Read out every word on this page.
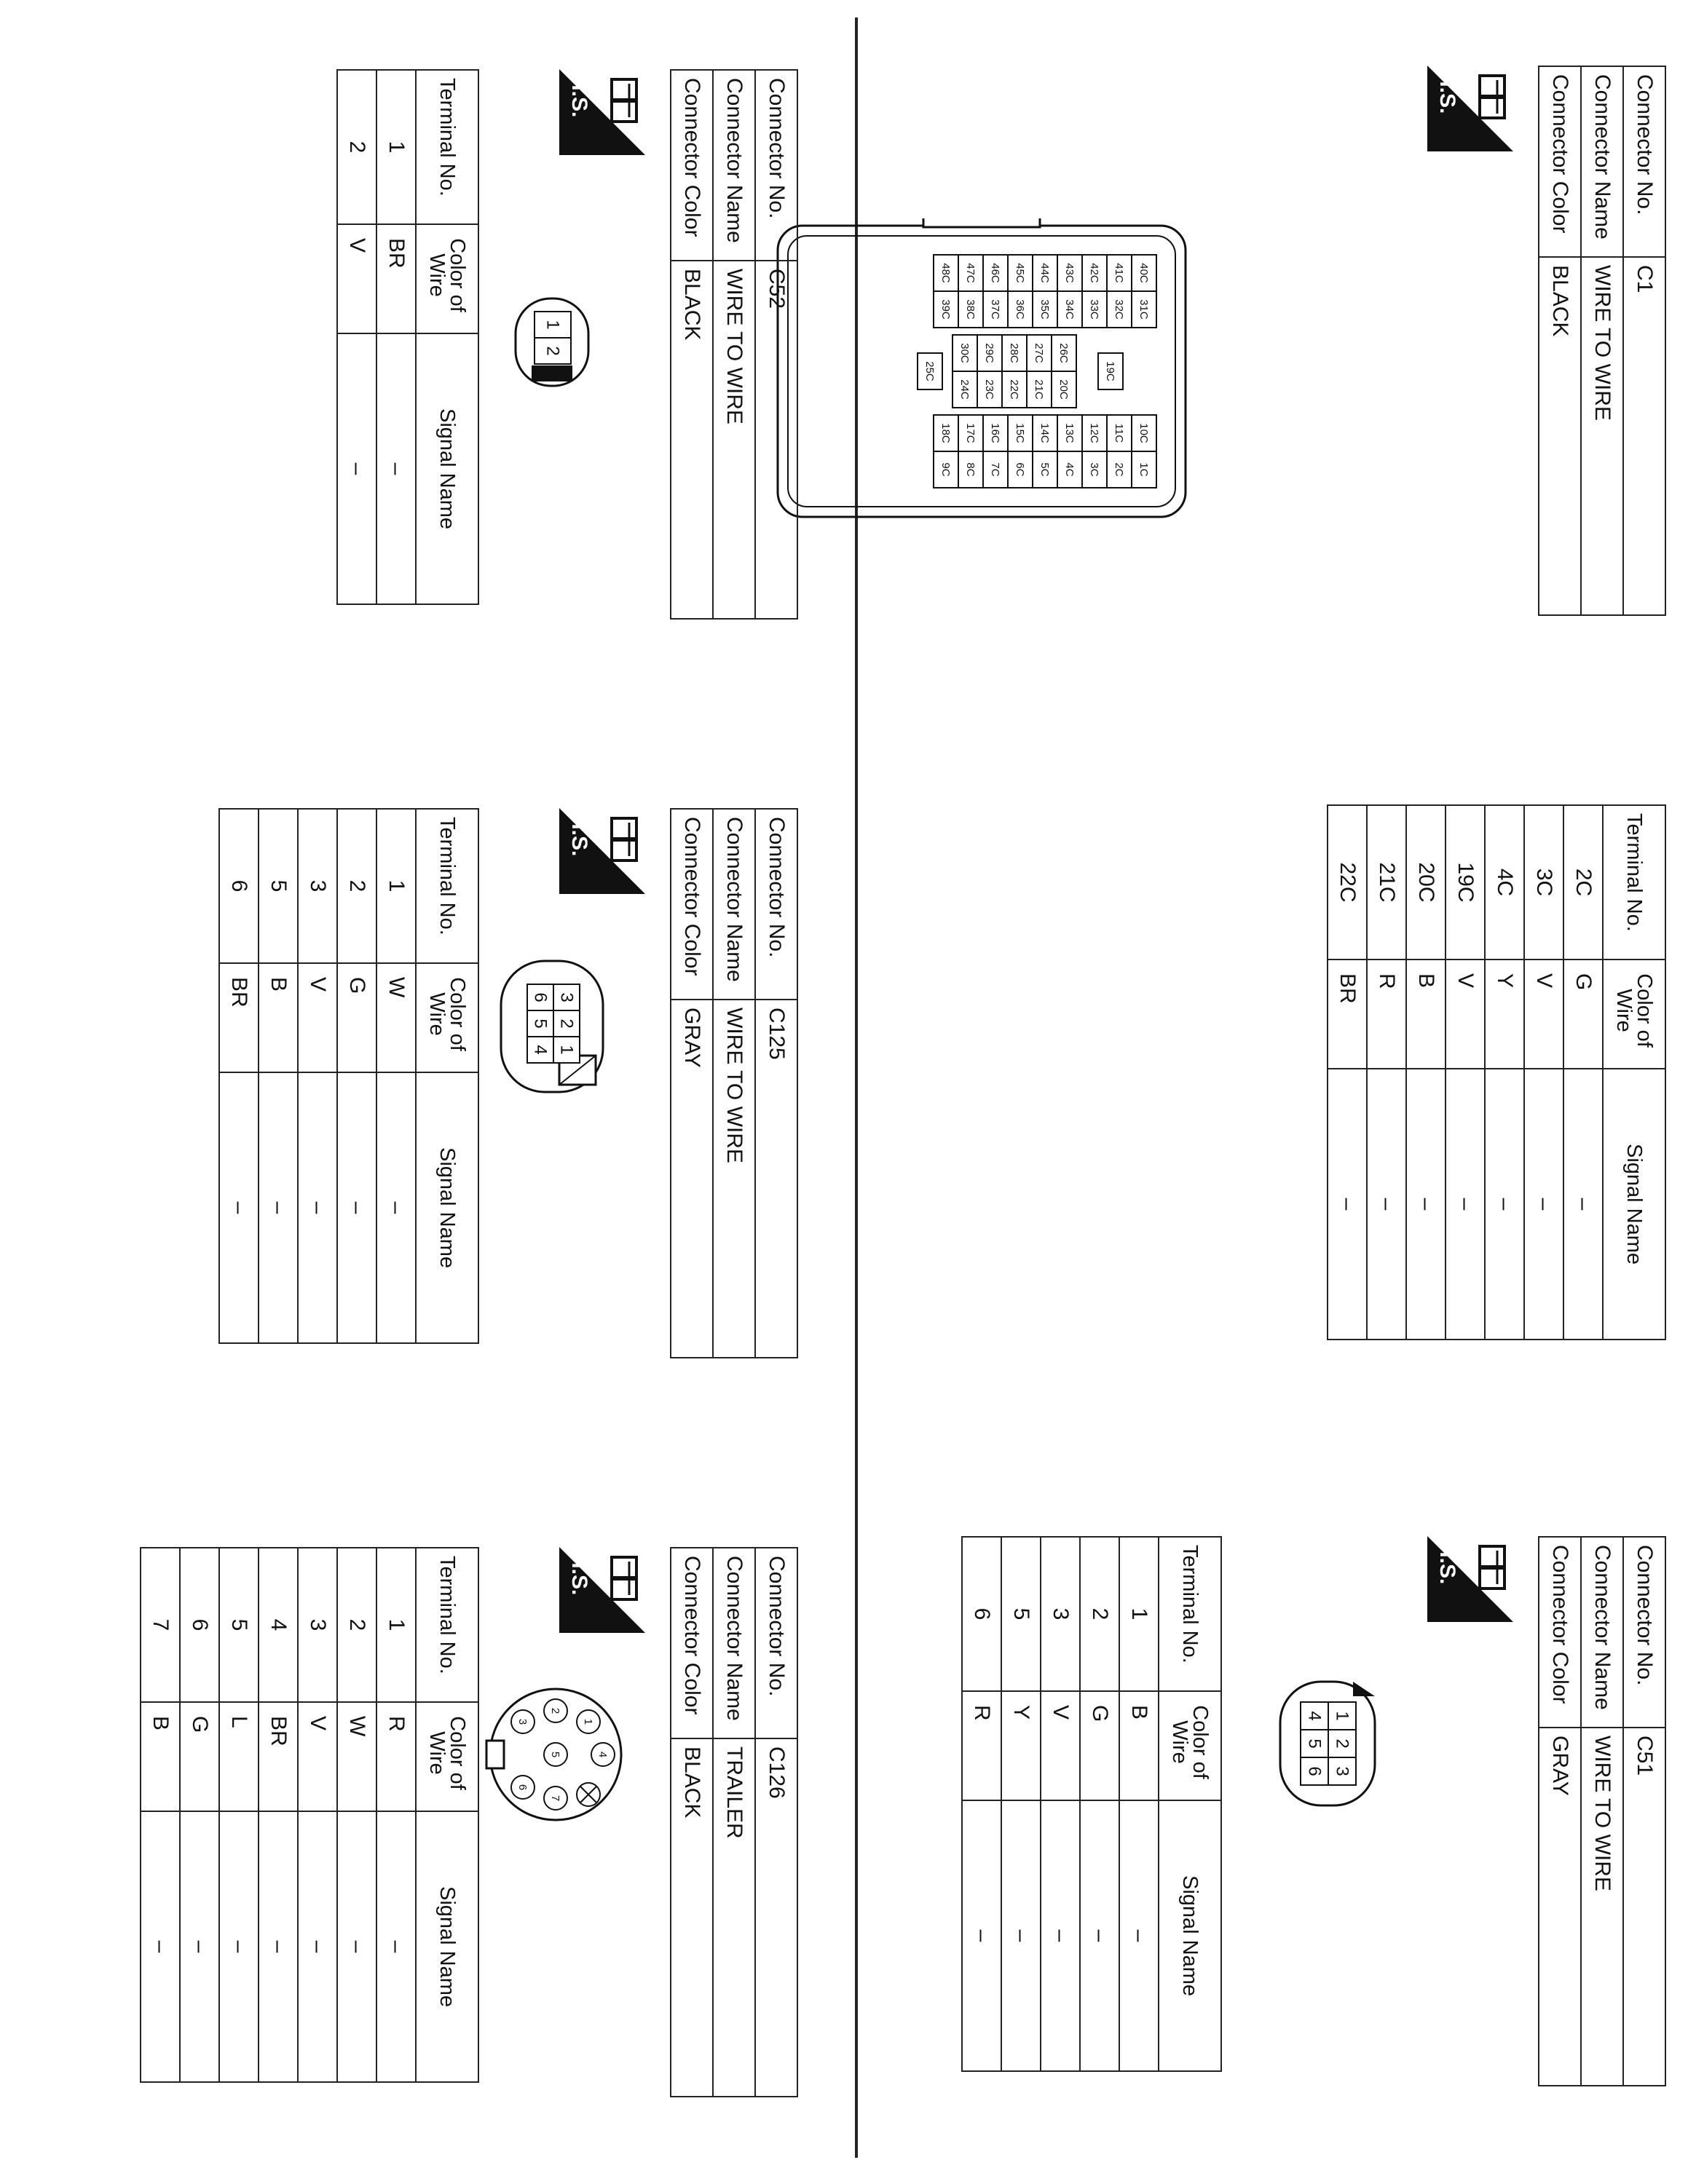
Connector No.	C1
Connector Name	WIRE TO WIRE
Connector Color	BLACK
H.S.
40C
31C
41C
32C
42C
33C
43C
34C
44C
35C
45C
36C
46C
37C
47C
38C
48C
39C
26C
20C
27C
21C
28C
22C
29C
23C
30C
24C
10C
1C
11C
2C
12C
3C
13C
4C
14C
5C
15C
6C
16C
7C
17C
8C
18C
9C
19C
25C
Terminal No.	Color of Wire	Signal Name
2C	G	–
3C	V	–
4C	Y	–
19C	V	–
20C	B	–
21C	R	–
22C	BR	–
Connector No.	C51
Connector Name	WIRE TO WIRE
Connector Color	GRAY
H.S.
1
2
3
4
5
6
Terminal No.	Color of Wire	Signal Name
1	B	–
2	G	–
3	V	–
5	Y	–
6	R	–
Connector No.	C52
Connector Name	WIRE TO WIRE
Connector Color	BLACK
H.S.
1
2
Terminal No.	Color of Wire	Signal Name
1	BR	–
2	V	–
Connector No.	C125
Connector Name	WIRE TO WIRE
Connector Color	GRAY
H.S.
3
2
1
6
5
4
Terminal No.	Color of Wire	Signal Name
1	W	–
2	G	–
3	V	–
5	B	–
6	BR	–
Connector No.	C126
Connector Name	TRAILER
Connector Color	BLACK
H.S.
1
2
3
4
5
6
7
Terminal No.	Color of Wire	Signal Name
1	R	–
2	W	–
3	V	–
4	BR	–
5	L	–
6	G	–
7	B	–
